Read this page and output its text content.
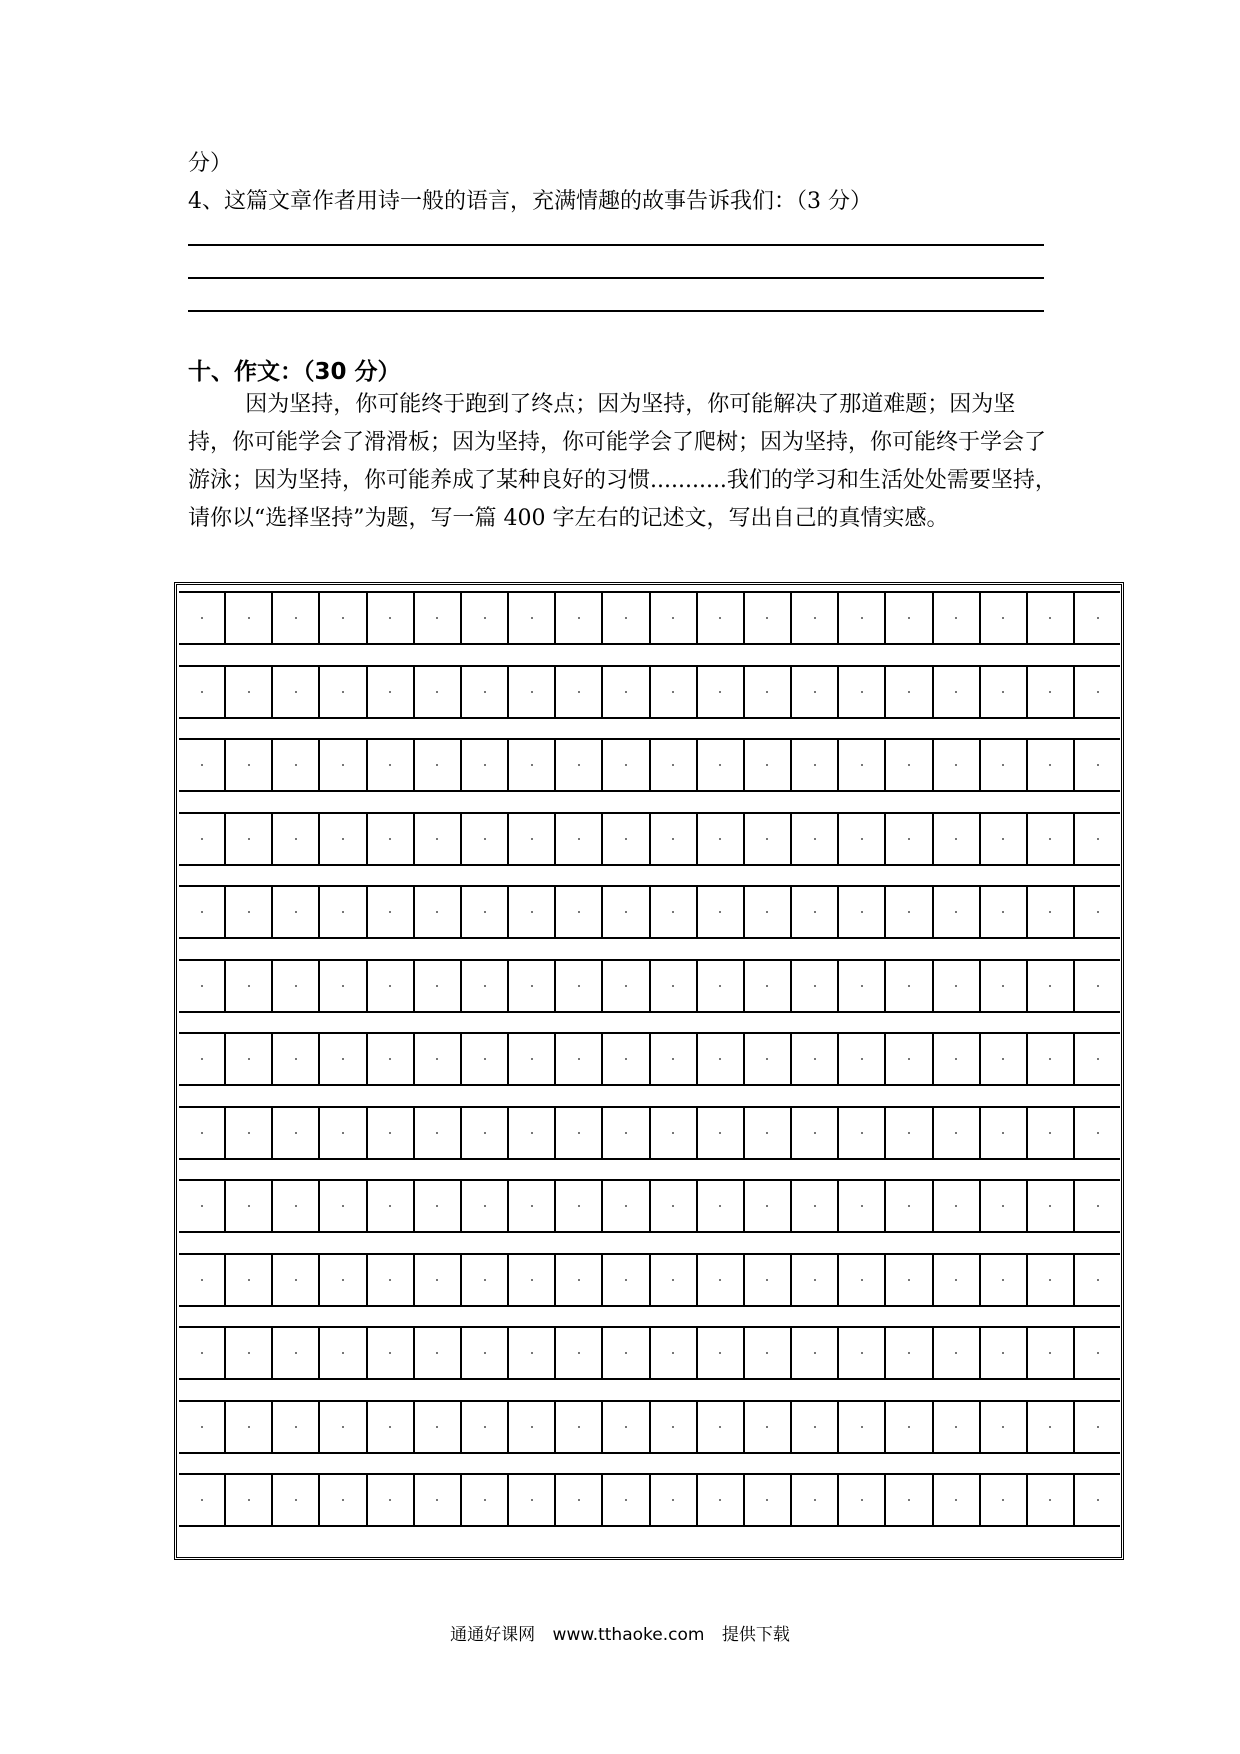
分）
4、这篇文章作者用诗一般的语言，充满情趣的故事告诉我们：（3 分）
十、作文：（30 分）

因为坚持，你可能终于跑到了终点；因为坚持，你可能解决了那道难题；因为坚持，你可能学会了滑滑板；因为坚持，你可能学会了爬树；因为坚持，你可能终于学会了游泳；因为坚持，你可能养成了某种良好的习惯...........我们的学习和生活处处需要坚持，请你以“选择坚持”为题，写一篇 400 字左右的记述文，写出自己的真情实感。

通通好课网 www.tthaoke.com 提供下载
